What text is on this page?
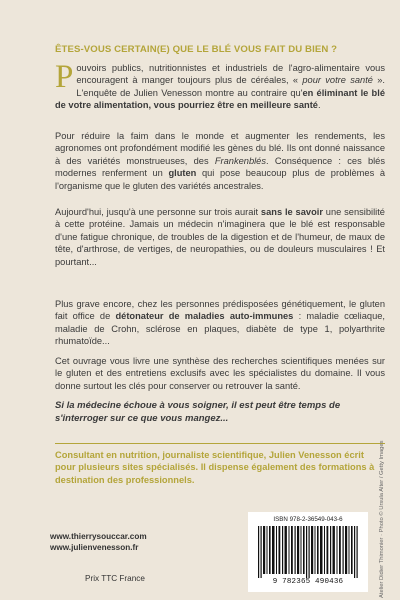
ÊTES-VOUS CERTAIN(E) QUE LE BLÉ VOUS FAIT DU BIEN ?

Pouvoirs publics, nutritionnistes et industriels de l'agro-alimentaire vous encouragent à manger toujours plus de céréales, « pour votre santé ». L'enquête de Julien Venesson montre au contraire qu'en éliminant le blé de votre alimentation, vous pourriez être en meilleure santé.

Pour réduire la faim dans le monde et augmenter les rendements, les agronomes ont profondément modifié les gènes du blé. Ils ont donné naissance à des variétés monstrueuses, des Frankenblés. Conséquence : ces blés modernes renferment un gluten qui pose beaucoup plus de problèmes à l'organisme que le gluten des variétés ancestrales.

Aujourd'hui, jusqu'à une personne sur trois aurait sans le savoir une sensibilité à cette protéine. Jamais un médecin n'imaginera que le blé est responsable d'une fatigue chronique, de troubles de la digestion et de l'humeur, de maux de tête, d'arthrose, de vertiges, de neuropathies, ou de douleurs musculaires ! Et pourtant...

Plus grave encore, chez les personnes prédisposées génétiquement, le gluten fait office de détonateur de maladies auto-immunes : maladie cœliaque, maladie de Crohn, sclérose en plaques, diabète de type 1, polyarthrite rhumatoïde...

Cet ouvrage vous livre une synthèse des recherches scientifiques menées sur le gluten et des entretiens exclusifs avec les spécialistes du domaine. Il vous donne surtout les clés pour conserver ou retrouver la santé.

Si la médecine échoue à vous soigner, il est peut être temps de s'interroger sur ce que vous mangez...

Consultant en nutrition, journaliste scientifique, Julien Venesson écrit pour plusieurs sites spécialisés. Il dispense également des formations à destination des professionnels.

www.thierrysouccar.com
www.julienvenesson.fr
Prix TTC France
ISBN 978-2-36549-043-6
9 782365 490436	Atelier Didier Thimonier · Photo © Ursula Alter / Getty Images
